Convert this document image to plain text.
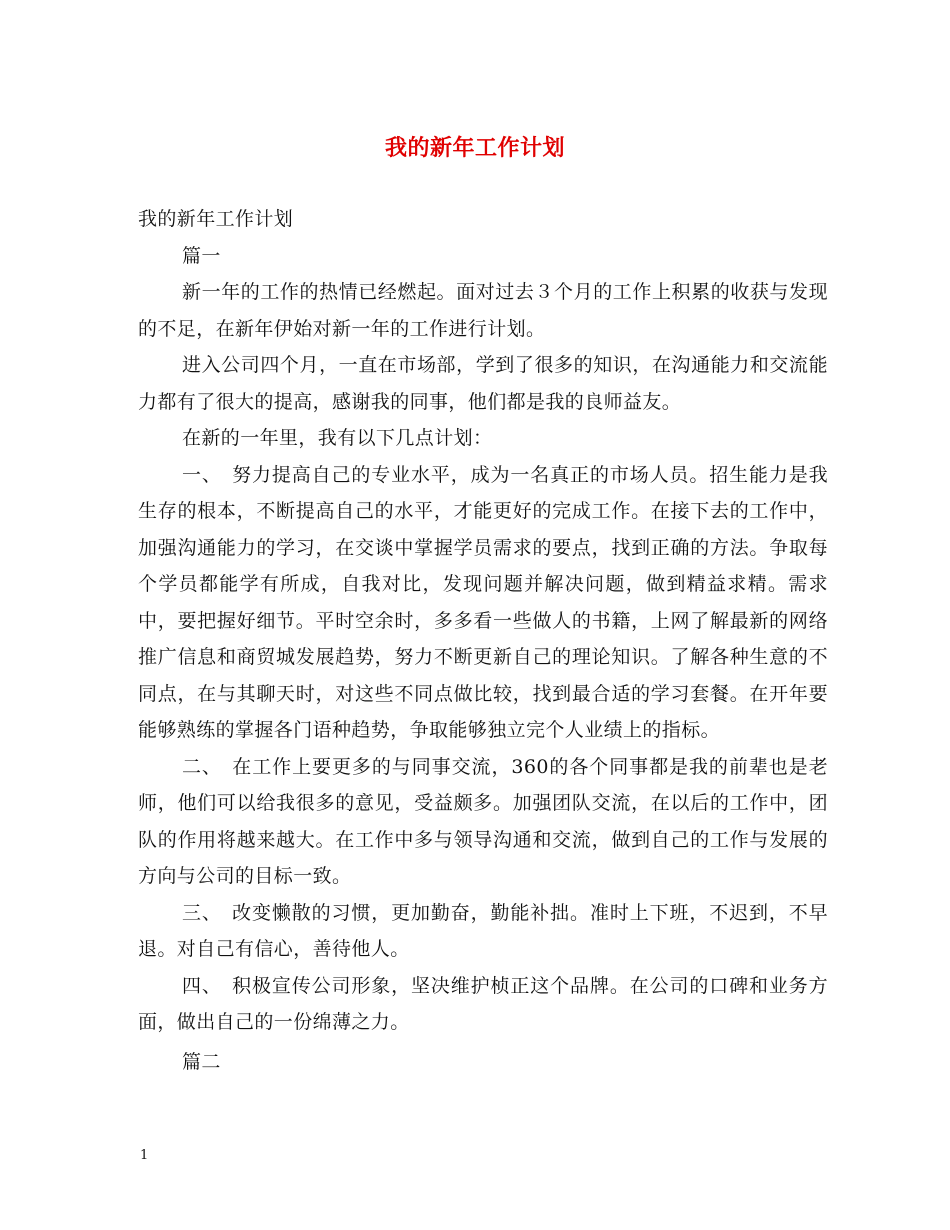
我的新年工作计划

我的新年工作计划

篇一

新一年的工作的热情已经燃起。面对过去３个月的工作上积累的收获与发现的不足，在新年伊始对新一年的工作进行计划。

进入公司四个月，一直在市场部，学到了很多的知识，在沟通能力和交流能力都有了很大的提高，感谢我的同事，他们都是我的良师益友。

在新的一年里，我有以下几点计划：

一、　努力提高自己的专业水平，成为一名真正的市场人员。招生能力是我生存的根本，不断提高自己的水平，才能更好的完成工作。在接下去的工作中，加强沟通能力的学习，在交谈中掌握学员需求的要点，找到正确的方法。争取每个学员都能学有所成，自我对比，发现问题并解决问题，做到精益求精。需求中，要把握好细节。平时空余时，多多看一些做人的书籍，上网了解最新的网络推广信息和商贸城发展趋势，努力不断更新自己的理论知识。了解各种生意的不同点，在与其聊天时，对这些不同点做比较，找到最合适的学习套餐。在开年要能够熟练的掌握各门语种趋势，争取能够独立完个人业绩上的指标。

二、　在工作上要更多的与同事交流，360的各个同事都是我的前辈也是老师，他们可以给我很多的意见，受益颇多。加强团队交流，在以后的工作中，团队的作用将越来越大。在工作中多与领导沟通和交流，做到自己的工作与发展的方向与公司的目标一致。

三、　改变懒散的习惯，更加勤奋，勤能补拙。准时上下班，不迟到，不早退。对自己有信心，善待他人。

四、　积极宣传公司形象，坚决维护桢正这个品牌。在公司的口碑和业务方面，做出自己的一份绵薄之力。

篇二

1
